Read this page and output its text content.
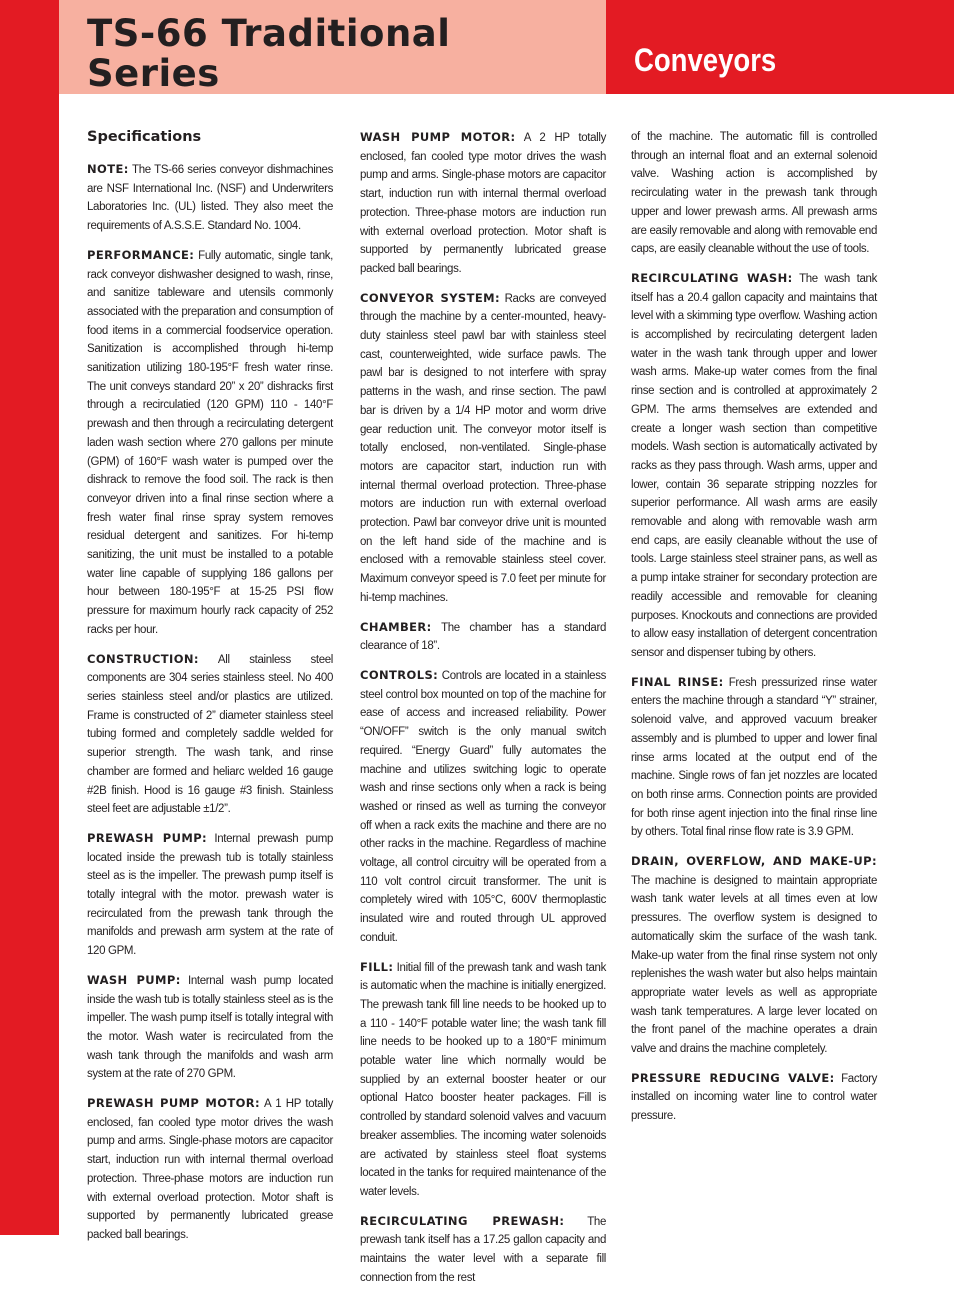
TS-66 Traditional
Series	Conveyors
Specifications

NOTE: The TS-66 series conveyor dishmachines are NSF International Inc. (NSF) and Underwriters Laboratories Inc. (UL) listed. They also meet the requirements of A.S.S.E. Standard No. 1004.

PERFORMANCE: Fully automatic, single tank, rack conveyor dishwasher designed to wash, rinse, and sanitize tableware and utensils commonly associated with the preparation and consumption of food items in a commercial foodservice operation. Sanitization is accomplished through hi-temp sanitization utilizing 180-195°F fresh water rinse. The unit conveys standard 20” x 20” dishracks first through a recirculatied (120 GPM) 110 - 140°F prewash and then through a recirculating detergent laden wash section where 270 gallons per minute (GPM) of 160°F wash water is pumped over the dishrack to remove the food soil. The rack is then conveyor driven into a final rinse section where a fresh water final rinse spray system removes residual detergent and sanitizes. For hi-temp sanitizing, the unit must be installed to a potable water line capable of supplying 186 gallons per hour between 180-195°F at 15-25 PSI flow pressure for maximum hourly rack capacity of 252 racks per hour.

CONSTRUCTION: All stainless steel components are 304 series stainless steel. No 400 series stainless steel and/or plastics are utilized. Frame is constructed of 2” diameter stainless steel tubing formed and completely saddle welded for superior strength. The wash tank, and rinse chamber are formed and heliarc welded 16 gauge #2B finish. Hood is 16 gauge #3 finish. Stainless steel feet are adjustable ±1/2”.

PREWASH PUMP: Internal prewash pump located inside the prewash tub is totally stainless steel as is the impeller. The prewash pump itself is totally integral with the motor. prewash water is recirculated from the prewash tank through the manifolds and prewash arm system at the rate of 120 GPM.

WASH PUMP: Internal wash pump located inside the wash tub is totally stainless steel as is the impeller. The wash pump itself is totally integral with the motor. Wash water is recirculated from the wash tank through the manifolds and wash arm system at the rate of 270 GPM.

PREWASH PUMP MOTOR: A 1 HP totally enclosed, fan cooled type motor drives the wash pump and arms. Single-phase motors are capacitor start, induction run with internal thermal overload protection. Three-phase motors are induction run with external overload protection. Motor shaft is supported by permanently lubricated grease packed ball bearings.

WASH PUMP MOTOR: A 2 HP totally enclosed, fan cooled type motor drives the wash pump and arms. Single-phase motors are capacitor start, induction run with internal thermal overload protection. Three-phase motors are induction run with external overload protection. Motor shaft is supported by permanently lubricated grease packed ball bearings.

CONVEYOR SYSTEM: Racks are conveyed through the machine by a center-mounted, heavy-duty stainless steel pawl bar with stainless steel cast, counterweighted, wide surface pawls. The pawl bar is designed to not interfere with spray patterns in the wash, and rinse section. The pawl bar is driven by a 1/4 HP motor and worm drive gear reduction unit. The conveyor motor itself is totally enclosed, non-ventilated. Single-phase motors are capacitor start, induction run with internal thermal overload protection. Three-phase motors are induction run with external overload protection. Pawl bar conveyor drive unit is mounted on the left hand side of the machine and is enclosed with a removable stainless steel cover. Maximum conveyor speed is 7.0 feet per minute for hi-temp machines.

CHAMBER: The chamber has a standard clearance of 18”.

CONTROLS: Controls are located in a stainless steel control box mounted on top of the machine for ease of access and increased reliability. Power “ON/OFF” switch is the only manual switch required. “Energy Guard” fully automates the machine and utilizes switching logic to operate wash and rinse sections only when a rack is being washed or rinsed as well as turning the conveyor off when a rack exits the machine and there are no other racks in the machine. Regardless of machine voltage, all control circuitry will be operated from a 110 volt control circuit transformer. The unit is completely wired with 105°C, 600V thermoplastic insulated wire and routed through UL approved conduit.

FILL: Initial fill of the prewash tank and wash tank is automatic when the machine is initially energized. The prewash tank fill line needs to be hooked up to a 110 - 140°F potable water line; the wash tank fill line needs to be hooked up to a 180°F minimum potable water line which normally would be supplied by an external booster heater or our optional Hatco booster heater packages. Fill is controlled by standard solenoid valves and vacuum breaker assemblies. The incoming water solenoids are activated by stainless steel float systems located in the tanks for required maintenance of the water levels.

RECIRCULATING PREWASH: The prewash tank itself has a 17.25 gallon capacity and maintains the water level with a separate fill connection from the rest

of the machine. The automatic fill is controlled through an internal float and an external solenoid valve. Washing action is accomplished by recirculating water in the prewash tank through upper and lower prewash arms. All prewash arms are easily removable and along with removable end caps, are easily cleanable without the use of tools.

RECIRCULATING WASH: The wash tank itself has a 20.4 gallon capacity and maintains that level with a skimming type overflow. Washing action is accomplished by recirculating detergent laden water in the wash tank through upper and lower wash arms. Make-up water comes from the final rinse section and is controlled at approximately 2 GPM. The arms themselves are extended and create a longer wash section than competitive models. Wash section is automatically activated by racks as they pass through. Wash arms, upper and lower, contain 36 separate stripping nozzles for superior performance. All wash arms are easily removable and along with removable wash arm end caps, are easily cleanable without the use of tools. Large stainless steel strainer pans, as well as a pump intake strainer for secondary protection are readily accessible and removable for cleaning purposes. Knockouts and connections are provided to allow easy installation of detergent concentration sensor and dispenser tubing by others.

FINAL RINSE: Fresh pressurized rinse water enters the machine through a standard “Y” strainer, solenoid valve, and approved vacuum breaker assembly and is plumbed to upper and lower final rinse arms located at the output end of the machine. Single rows of fan jet nozzles are located on both rinse arms. Connection points are provided for both rinse agent injection into the final rinse line by others. Total final rinse flow rate is 3.9 GPM.

DRAIN, OVERFLOW, AND MAKE-UP: The machine is designed to maintain appropriate wash tank water levels at all times even at low pressures. The overflow system is designed to automatically skim the surface of the wash tank. Make-up water from the final rinse system not only replenishes the wash water but also helps maintain appropriate water levels as well as appropriate wash tank temperatures. A large lever located on the front panel of the machine operates a drain valve and drains the machine completely.

PRESSURE REDUCING VALVE: Factory installed on incoming water line to control water pressure.
